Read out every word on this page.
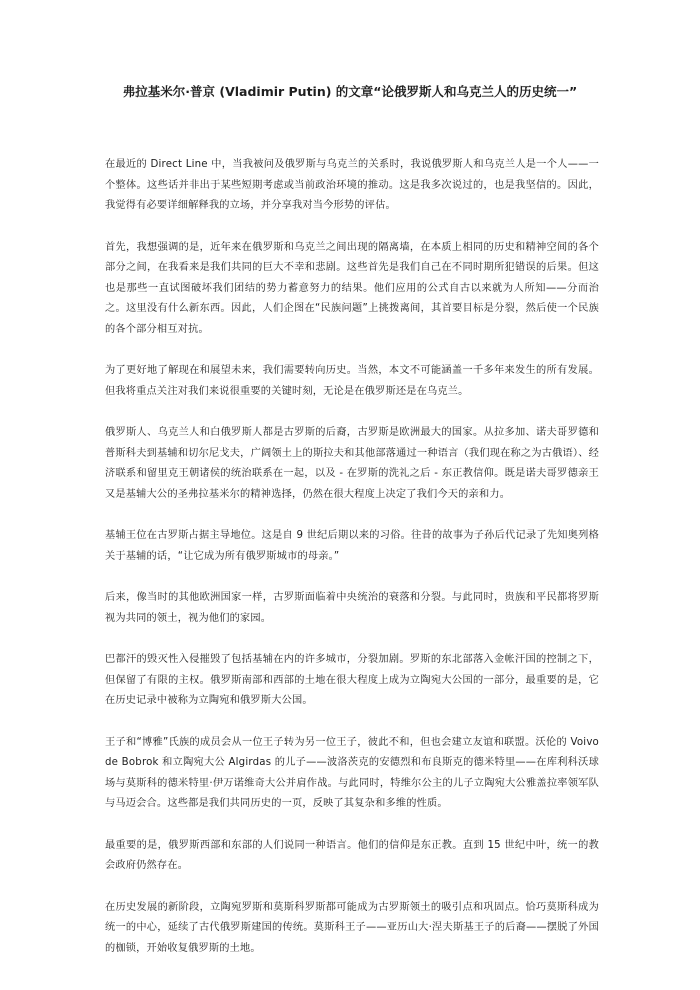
弗拉基米尔·普京 (Vladimir Putin) 的文章“论俄罗斯人和乌克兰人的历史统一”

在最近的 Direct Line 中，当我被问及俄罗斯与乌克兰的关系时，我说俄罗斯人和乌克兰人是一个人——一个整体。这些话并非出于某些短期考虑或当前政治环境的推动。这是我多次说过的，也是我坚信的。因此，我觉得有必要详细解释我的立场，并分享我对当今形势的评估。

首先，我想强调的是，近年来在俄罗斯和乌克兰之间出现的隔离墙，在本质上相同的历史和精神空间的各个部分之间，在我看来是我们共同的巨大不幸和悲剧。这些首先是我们自己在不同时期所犯错误的后果。但这也是那些一直试图破坏我们团结的势力蓄意努力的结果。他们应用的公式自古以来就为人所知——分而治之。这里没有什么新东西。因此，人们企图在“民族问题”上挑拨离间，其首要目标是分裂，然后使一个民族的各个部分相互对抗。

为了更好地了解现在和展望未来，我们需要转向历史。当然，本文不可能涵盖一千多年来发生的所有发展。但我将重点关注对我们来说很重要的关键时刻，无论是在俄罗斯还是在乌克兰。

俄罗斯人、乌克兰人和白俄罗斯人都是古罗斯的后裔，古罗斯是欧洲最大的国家。从拉多加、诺夫哥罗德和普斯科夫到基辅和切尔尼戈夫，广阔领土上的斯拉夫和其他部落通过一种语言（我们现在称之为古俄语）、经济联系和留里克王朝诸侯的统治联系在一起，以及 - 在罗斯的洗礼之后 - 东正教信仰。既是诺夫哥罗德亲王又是基辅大公的圣弗拉基米尔的精神选择，仍然在很大程度上决定了我们今天的亲和力。

基辅王位在古罗斯占据主导地位。这是自 9 世纪后期以来的习俗。往昔的故事为子孙后代记录了先知奥列格关于基辅的话，“让它成为所有俄罗斯城市的母亲。”

后来，像当时的其他欧洲国家一样，古罗斯面临着中央统治的衰落和分裂。与此同时，贵族和平民都将罗斯视为共同的领土，视为他们的家园。

巴都汗的毁灭性入侵摧毁了包括基辅在内的许多城市，分裂加剧。罗斯的东北部落入金帐汗国的控制之下，但保留了有限的主权。俄罗斯南部和西部的土地在很大程度上成为立陶宛大公国的一部分，最重要的是，它在历史记录中被称为立陶宛和俄罗斯大公国。

王子和“博雅”氏族的成员会从一位王子转为另一位王子，彼此不和，但也会建立友谊和联盟。沃伦的 Voivode Bobrok 和立陶宛大公 Algirdas 的儿子——波洛茨克的安德烈和布良斯克的德米特里——在库利科沃球场与莫斯科的德米特里·伊万诺维奇大公并肩作战。与此同时，特维尔公主的儿子立陶宛大公雅盖拉率领军队与马迈会合。这些都是我们共同历史的一页，反映了其复杂和多维的性质。

最重要的是，俄罗斯西部和东部的人们说同一种语言。他们的信仰是东正教。直到 15 世纪中叶，统一的教会政府仍然存在。

在历史发展的新阶段，立陶宛罗斯和莫斯科罗斯都可能成为古罗斯领土的吸引点和巩固点。恰巧莫斯科成为统一的中心，延续了古代俄罗斯建国的传统。莫斯科王子——亚历山大·涅夫斯基王子的后裔——摆脱了外国的枷锁，开始收复俄罗斯的土地。
